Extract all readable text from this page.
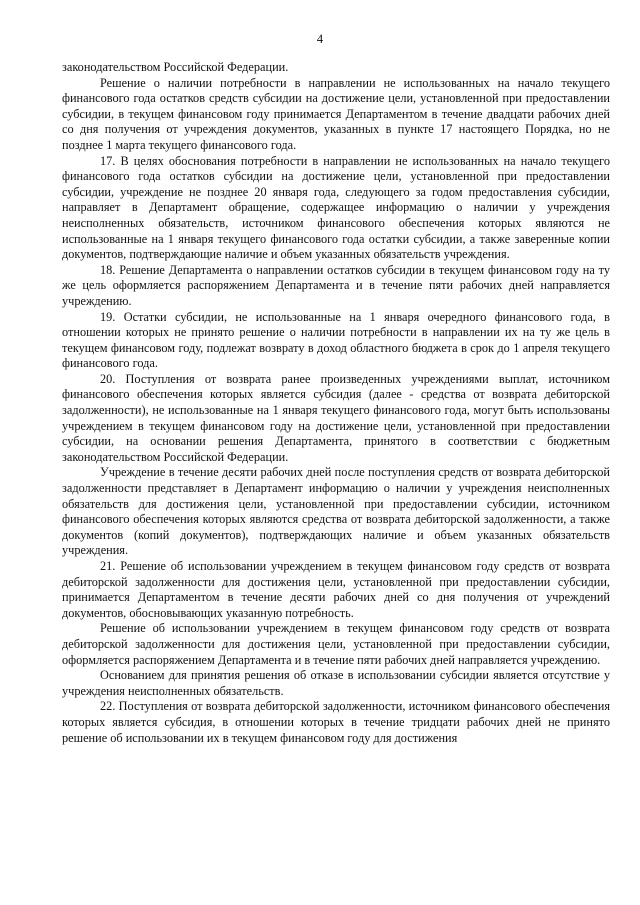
4

законодательством Российской Федерации.

Решение о наличии потребности в направлении не использованных на начало текущего финансового года остатков средств субсидии на достижение цели, установленной при предоставлении субсидии, в текущем финансовом году принимается Департаментом в течение двадцати рабочих дней со дня получения от учреждения документов, указанных в пункте 17 настоящего Порядка, но не позднее 1 марта текущего финансового года.

17. В целях обоснования потребности в направлении не использованных на начало текущего финансового года остатков субсидии на достижение цели, установленной при предоставлении субсидии, учреждение не позднее 20 января года, следующего за годом предоставления субсидии, направляет в Департамент обращение, содержащее информацию о наличии у учреждения неисполненных обязательств, источником финансового обеспечения которых являются не использованные на 1 января текущего финансового года остатки субсидии, а также заверенные копии документов, подтверждающие наличие и объем указанных обязательств учреждения.

18. Решение Департамента о направлении остатков субсидии в текущем финансовом году на ту же цель оформляется распоряжением Департамента и в течение пяти рабочих дней направляется учреждению.

19. Остатки субсидии, не использованные на 1 января очередного финансового года, в отношении которых не принято решение о наличии потребности в направлении их на ту же цель в текущем финансовом году, подлежат возврату в доход областного бюджета в срок до 1 апреля текущего финансового года.

20. Поступления от возврата ранее произведенных учреждениями выплат, источником финансового обеспечения которых является субсидия (далее - средства от возврата дебиторской задолженности), не использованные на 1 января текущего финансового года, могут быть использованы учреждением в текущем финансовом году на достижение цели, установленной при предоставлении субсидии, на основании решения Департамента, принятого в соответствии с бюджетным законодательством Российской Федерации.

Учреждение в течение десяти рабочих дней после поступления средств от возврата дебиторской задолженности представляет в Департамент информацию о наличии у учреждения неисполненных обязательств для достижения цели, установленной при предоставлении субсидии, источником финансового обеспечения которых являются средства от возврата дебиторской задолженности, а также документов (копий документов), подтверждающих наличие и объем указанных обязательств учреждения.

21. Решение об использовании учреждением в текущем финансовом году средств от возврата дебиторской задолженности для достижения цели, установленной при предоставлении субсидии, принимается Департаментом в течение десяти рабочих дней со дня получения от учреждений документов, обосновывающих указанную потребность.

Решение об использовании учреждением в текущем финансовом году средств от возврата дебиторской задолженности для достижения цели, установленной при предоставлении субсидии, оформляется распоряжением Департамента и в течение пяти рабочих дней направляется учреждению.

Основанием для принятия решения об отказе в использовании субсидии является отсутствие у учреждения неисполненных обязательств.

22. Поступления от возврата дебиторской задолженности, источником финансового обеспечения которых является субсидия, в отношении которых в течение тридцати рабочих дней не принято решение об использовании их в текущем финансовом году для достижения
